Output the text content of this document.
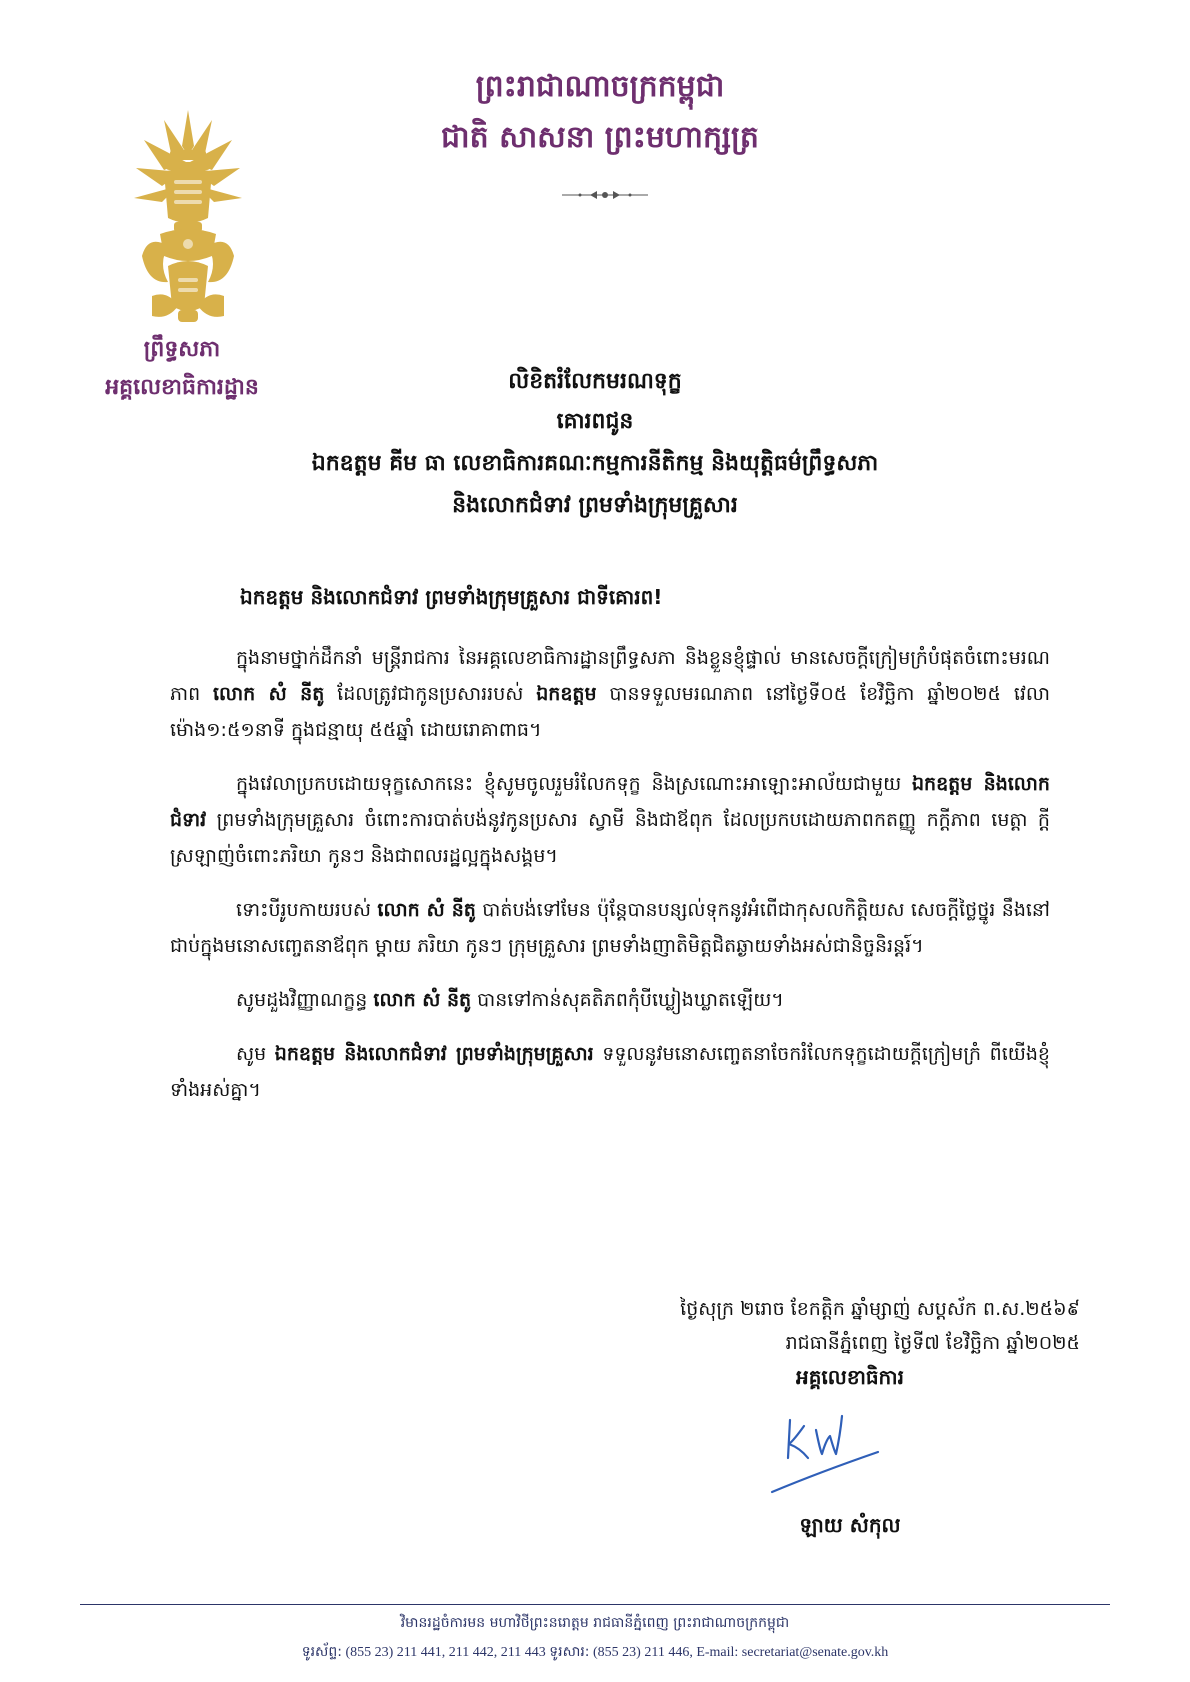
ព្រឹទ្ធសភា
អគ្គលេខាធិការដ្ឋាន
ព្រះរាជាណាចក្រកម្ពុជា
ជាតិ សាសនា ព្រះមហាក្សត្រ
លិខិតរំលែកមរណទុក្ខ
គោរពជូន
ឯកឧត្តម គីម ធា លេខាធិការគណៈកម្មការនីតិកម្ម និងយុត្តិធម៌ព្រឹទ្ធសភា
និងលោកជំទាវ ព្រមទាំងក្រុមគ្រួសារ
ឯកឧត្តម និងលោកជំទាវ ព្រមទាំងក្រុមគ្រួសារ ជាទីគោរព!

ក្នុងនាមថ្នាក់ដឹកនាំ មន្ត្រីរាជការ នៃអគ្គលេខាធិការដ្ឋានព្រឹទ្ធសភា និងខ្លួនខ្ញុំផ្ទាល់ មានសេចក្តីក្រៀមក្រំបំផុតចំពោះមរណភាព លោក សំ នីតូ ដែលត្រូវជាកូនប្រសាររបស់ ឯកឧត្តម បានទទួលមរណភាព នៅថ្ងៃទី០៥ ខែវិច្ឆិកា ឆ្នាំ២០២៥ វេលាម៉ោង១:៥១នាទី ក្នុងជន្មាយុ ៥៥ឆ្នាំ ដោយរោគាពាធ។

ក្នុងវេលាប្រកបដោយទុក្ខសោកនេះ ខ្ញុំសូមចូលរួមរំលែកទុក្ខ និងស្រណោះអាឡោះអាល័យជាមួយ ឯកឧត្តម និងលោកជំទាវ ព្រមទាំងក្រុមគ្រួសារ ចំពោះការបាត់បង់នូវកូនប្រសារ ស្វាមី និងជាឪពុក ដែលប្រកបដោយភាពកតញ្ញូ កក្តីភាព មេត្តា ក្តីស្រឡាញ់ចំពោះភរិយា កូនៗ និងជាពលរដ្ឋល្អក្នុងសង្គម។

ទោះបីរូបកាយរបស់ លោក សំ នីតូ បាត់បង់ទៅមែន ប៉ុន្តែបានបន្សល់ទុកនូវអំពើជាកុសលកិត្តិយស សេចក្តីថ្លៃថ្នូរ នឹងនៅជាប់ក្នុងមនោសញ្ចេតនាឪពុក ម្តាយ ភរិយា កូនៗ ក្រុមគ្រួសារ ព្រមទាំងញាតិមិត្តជិតឆ្ងាយទាំងអស់ជានិច្ចនិរន្តរ៍។

សូមដួងវិញ្ញាណក្ខន្ធ លោក សំ នីតូ បានទៅកាន់សុគតិភពកុំបីឃ្លៀងឃ្លាតឡើយ។

សូម ឯកឧត្តម និងលោកជំទាវ ព្រមទាំងក្រុមគ្រួសារ ទទួលនូវមនោសញ្ចេតនាចែករំលែកទុក្ខដោយក្តីក្រៀមក្រំ ពីយើងខ្ញុំទាំងអស់គ្នា។

ថ្ងៃសុក្រ ២រោច ខែកត្តិក ឆ្នាំម្សាញ់ សប្តស័ក ព.ស.២៥៦៩
រាជធានីភ្នំពេញ ថ្ងៃទី៧ ខែវិច្ឆិកា ឆ្នាំ២០២៥
អគ្គលេខាធិការ
ឡាយ សំកុល
វិមានរដ្ឋចំការមន មហាវិថីព្រះនរោត្តម រាជធានីភ្នំពេញ ព្រះរាជាណាចក្រកម្ពុជា
ទូរស័ព្ទ: (855 23) 211 441, 211 442, 211 443 ទូរសារ: (855 23) 211 446, E-mail: secretariat@senate.gov.kh
